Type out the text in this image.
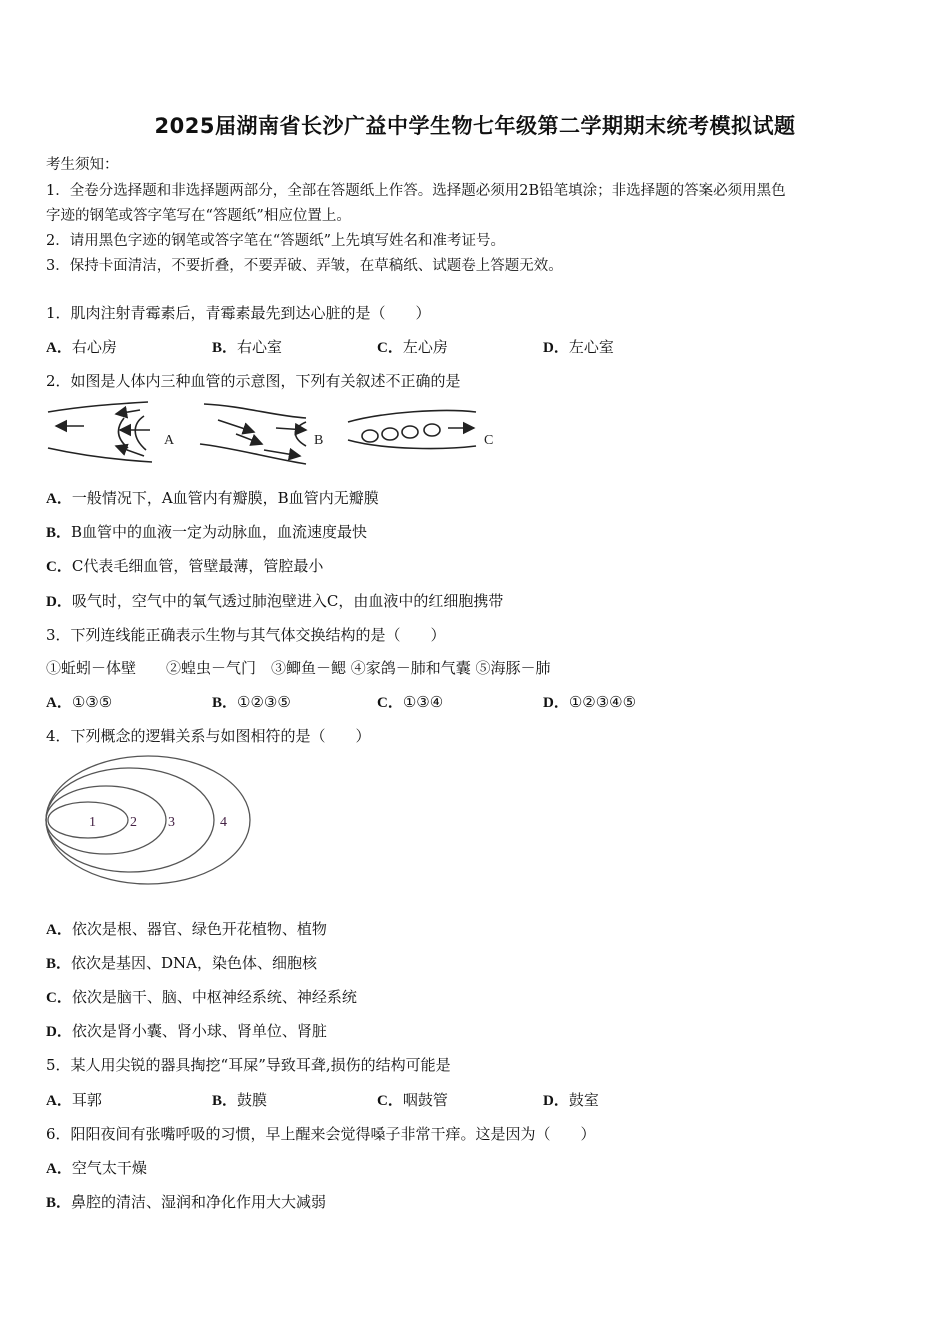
2025届湖南省长沙广益中学生物七年级第二学期期末统考模拟试题
考生须知：
1．全卷分选择题和非选择题两部分，全部在答题纸上作答。选择题必须用2B铅笔填涂；非选择题的答案必须用黑色
字迹的钢笔或答字笔写在“答题纸”相应位置上。
2．请用黑色字迹的钢笔或答字笔在“答题纸”上先填写姓名和准考证号。
3．保持卡面清洁，不要折叠，不要弄破、弄皱，在草稿纸、试题卷上答题无效。
1．肌肉注射青霉素后，青霉素最先到达心脏的是（　　）
A．右心房	B．右心室	C．左心房	D．左心室
2．如图是人体内三种血管的示意图，下列有关叙述不正确的是
A	B	C
A．一般情况下，A血管内有瓣膜，B血管内无瓣膜
B．B血管中的血液一定为动脉血，血流速度最快
C．C代表毛细血管，管壁最薄，管腔最小
D．吸气时，空气中的氧气透过肺泡壁进入C，由血液中的红细胞携带
3．下列连线能正确表示生物与其气体交换结构的是（　　）
①蚯蚓－体壁　　②蝗虫－气门　③鲫鱼－鳃 ④家鸽－肺和气囊 ⑤海豚－肺
A．①③⑤	B．①②③⑤	C．①③④	D．①②③④⑤
4．下列概念的逻辑关系与如图相符的是（　　）
1 2 3	4
A．依次是根、器官、绿色开花植物、植物
B．依次是基因、DNA，染色体、细胞核
C．依次是脑干、脑、中枢神经系统、神经系统
D．依次是肾小囊、肾小球、肾单位、肾脏
5．某人用尖锐的器具掏挖“耳屎”导致耳聋,损伤的结构可能是
A．耳郭	B．鼓膜	C．咽鼓管	D．鼓室
6．阳阳夜间有张嘴呼吸的习惯，早上醒来会觉得嗓子非常干痒。这是因为（　　）
A．空气太干燥
B．鼻腔的清洁、湿润和净化作用大大减弱
